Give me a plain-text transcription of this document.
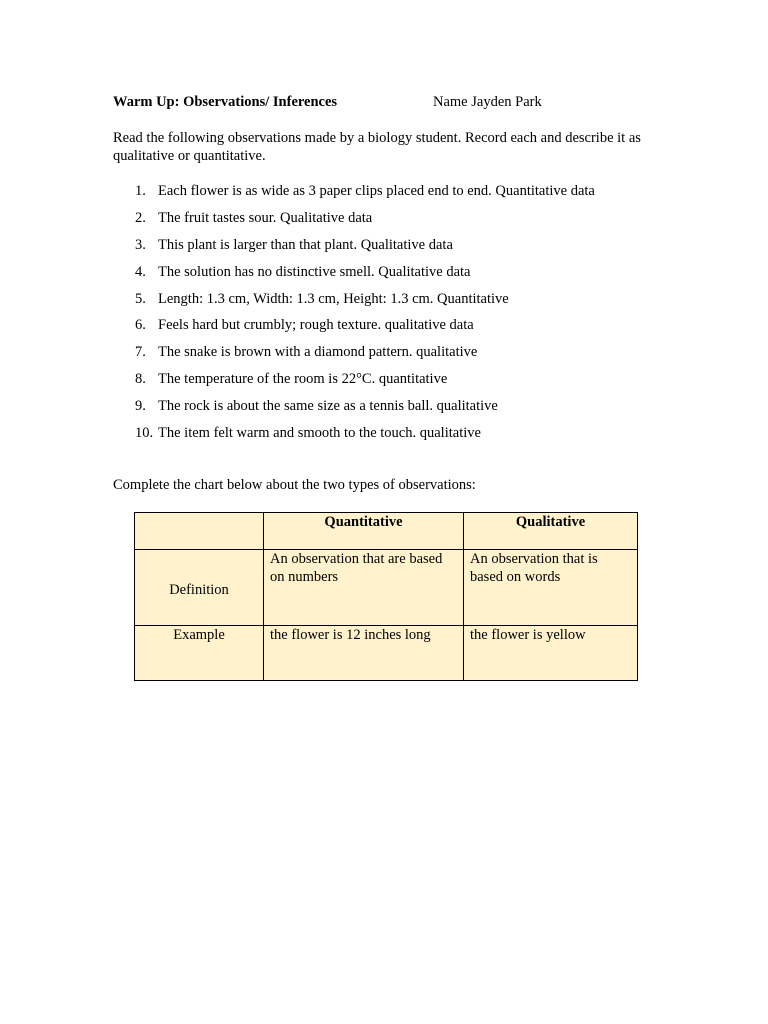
Warm Up: Observations/ Inferences	Name Jayden Park
Read the following observations made by a biology student. Record each and describe it as qualitative or quantitative.
1. Each flower is as wide as 3 paper clips placed end to end. Quantitative data
2. The fruit tastes sour. Qualitative data
3. This plant is larger than that plant. Qualitative data
4. The solution has no distinctive smell. Qualitative data
5. Length: 1.3 cm, Width: 1.3 cm, Height: 1.3 cm. Quantitative
6. Feels hard but crumbly; rough texture. qualitative data
7. The snake is brown with a diamond pattern. qualitative
8. The temperature of the room is 22°C. quantitative
9. The rock is about the same size as a tennis ball. qualitative
10. The item felt warm and smooth to the touch. qualitative
Complete the chart below about the two types of observations:
	Quantitative	Qualitative

Definition	An observation that are based on numbers	An observation that is based on words

Example	the flower is 12 inches long	the flower is yellow
